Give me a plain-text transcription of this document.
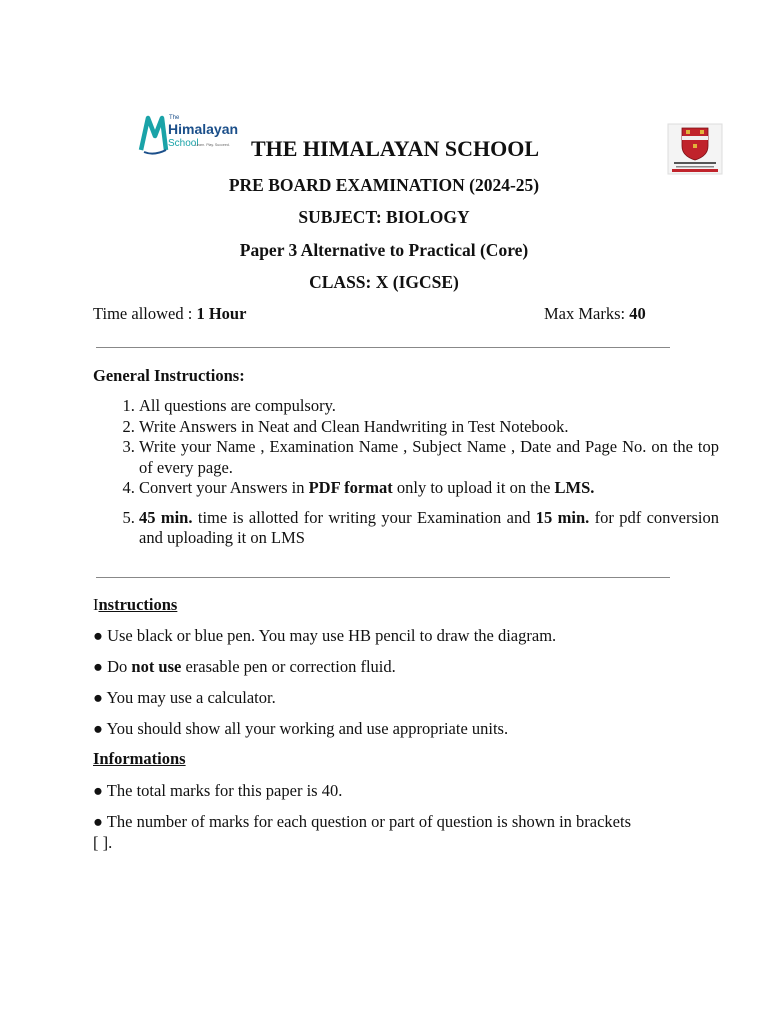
The
Himalayan
School
Learn. Play. Succeed. THE HIMALAYAN SCHOOL
PRE BOARD EXAMINATION (2024-25)
SUBJECT: BIOLOGY
Paper 3 Alternative to Practical (Core)
CLASS: X (IGCSE)
Time allowed : 1 Hour	Max Marks: 40
General Instructions:
1. All questions are compulsory.
2. Write Answers in Neat and Clean Handwriting in Test Notebook.
3. Write your Name , Examination Name , Subject Name , Date and Page No. on the top of every page.
4. Convert your Answers in PDF format only to upload it on the LMS.
5. 45 min. time is allotted for writing your Examination and 15 min. for pdf conversion and uploading it on LMS
Instructions
● Use black or blue pen. You may use HB pencil to draw the diagram.
● Do not use erasable pen or correction fluid.
● You may use a calculator.
● You should show all your working and use appropriate units.
Informations
● The total marks for this paper is 40.
● The number of marks for each question or part of question is shown in brackets [ ].
